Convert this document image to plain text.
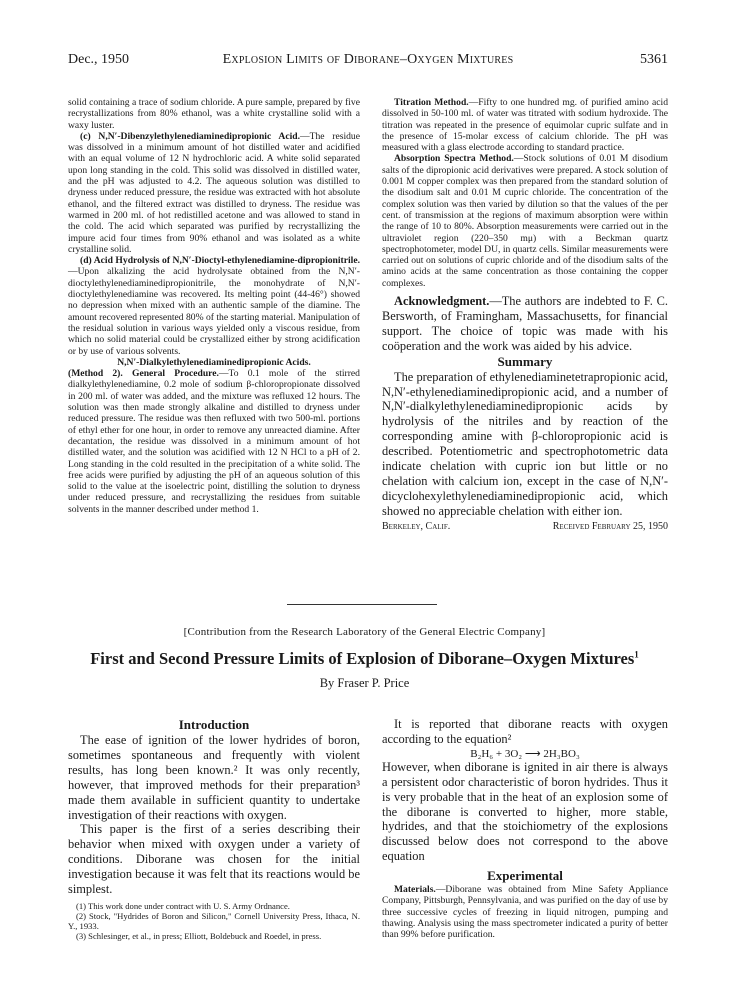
Dec., 1950	Explosion Limits of Diborane–Oxygen Mixtures	5361

solid containing a trace of sodium chloride. A pure sample, prepared by five recrystallizations from 80% ethanol, was a white crystalline solid with a waxy luster.

(c) N,N′-Dibenzylethylenediaminedipropionic Acid.—The residue was dissolved in a minimum amount of hot distilled water and acidified with an equal volume of 12 N hydrochloric acid. A white solid separated upon long standing in the cold. This solid was dissolved in distilled water, and the pH was adjusted to 4.2. The aqueous solution was distilled to dryness under reduced pressure, the residue was extracted with hot absolute ethanol, and the filtered extract was distilled to dryness. The residue was warmed in 200 ml. of hot redistilled acetone and was allowed to stand in the cold. The acid which separated was purified by recrystallizing the impure acid four times from 90% ethanol and was isolated as a white crystalline solid.

(d) Acid Hydrolysis of N,N′-Dioctyl-ethylenediamine-dipropionitrile.—Upon alkalizing the acid hydrolysate obtained from the N,N′-dioctylethylenediaminedipropionitrile, the monohydrate of N,N′-dioctylethylenediamine was recovered. Its melting point (44-46°) showed no depression when mixed with an authentic sample of the diamine. The amount recovered represented 80% of the starting material. Manipulation of the residual solution in various ways yielded only a viscous residue, from which no solid material could be crystallized either by strong acidification or by use of various solvents.

N,N′-Dialkylethylenediaminedipropionic Acids.

(Method 2). General Procedure.—To 0.1 mole of the stirred dialkylethylenediamine, 0.2 mole of sodium β-chloropropionate dissolved in 200 ml. of water was added, and the mixture was refluxed 12 hours. The solution was then made strongly alkaline and distilled to dryness under reduced pressure. The residue was then refluxed with two 500-ml. portions of ethyl ether for one hour, in order to remove any unreacted diamine. After decantation, the residue was dissolved in a minimum amount of hot distilled water, and the solution was acidified with 12 N HCl to a pH of 2. Long standing in the cold resulted in the precipitation of a white solid. The free acids were purified by adjusting the pH of an aqueous solution of this solid to the value at the isoelectric point, distilling the solution to dryness under reduced pressure, and recrystallizing the residues from suitable solvents in the manner described under method 1.

Titration Method.—Fifty to one hundred mg. of purified amino acid dissolved in 50-100 ml. of water was titrated with sodium hydroxide. The titration was repeated in the presence of equimolar cupric sulfate and in the presence of 15-molar excess of calcium chloride. The pH was measured with a glass electrode according to standard practice.

Absorption Spectra Method.—Stock solutions of 0.01 M disodium salts of the dipropionic acid derivatives were prepared. A stock solution of 0.001 M copper complex was then prepared from the standard solution of the disodium salt and 0.01 M cupric chloride. The concentration of the complex solution was then varied by dilution so that the values of the per cent. of transmission at the regions of maximum absorption were within the range of 10 to 80%. Absorption measurements were carried out in the ultraviolet region (220–350 mμ) with a Beckman quartz spectrophotometer, model DU, in quartz cells. Similar measurements were carried out on solutions of cupric chloride and of the disodium salts of the amino acids at the same concentration as those containing the copper complexes.

Acknowledgment.—The authors are indebted to F. C. Bersworth, of Framingham, Massachusetts, for financial support. The choice of topic was made with his coöperation and the work was aided by his advice.

Summary

The preparation of ethylenediaminetetrapropionic acid, N,N′-ethylenediaminedipropionic acid, and a number of N,N′-dialkylethylenediaminedipropionic acids by hydrolysis of the nitriles and by reaction of the corresponding amine with β-chloropropionic acid is described. Potentiometric and spectrophotometric data indicate chelation with cupric ion but little or no chelation with calcium ion, except in the case of N,N′-dicyclohexylethylenediaminedipropionic acid, which showed no appreciable chelation with either ion.

Berkeley, Calif.	Received February 25, 1950
[Contribution from the Research Laboratory of the General Electric Company]
First and Second Pressure Limits of Explosion of Diborane–Oxygen Mixtures$^1$
By Fraser P. Price

Introduction

The ease of ignition of the lower hydrides of boron, sometimes spontaneous and frequently with violent results, has long been known.² It was only recently, however, that improved methods for their preparation³ made them available in sufficient quantity to undertake investigation of their reactions with oxygen.

This paper is the first of a series describing their behavior when mixed with oxygen under a variety of conditions. Diborane was chosen for the initial investigation because it was felt that its reactions would be simplest.

(1) This work done under contract with U. S. Army Ordnance.

(2) Stock, "Hydrides of Boron and Silicon," Cornell University Press, Ithaca, N. Y., 1933.

(3) Schlesinger, et al., in press; Elliott, Boldebuck and Roedel, in press.

It is reported that diborane reacts with oxygen according to the equation²

B₂H₆ + 3O₂ ⟶ 2H₃BO₃

However, when diborane is ignited in air there is always a persistent odor characteristic of boron hydrides. Thus it is very probable that in the heat of an explosion some of the diborane is converted to higher, more stable, hydrides, and that the stoichiometry of the explosions discussed below does not correspond to the above equation

Experimental

Materials.—Diborane was obtained from Mine Safety Appliance Company, Pittsburgh, Pennsylvania, and was purified on the day of use by three successive cycles of freezing in liquid nitrogen, pumping and thawing. Analysis using the mass spectrometer indicated a purity of better than 99% before purification.
